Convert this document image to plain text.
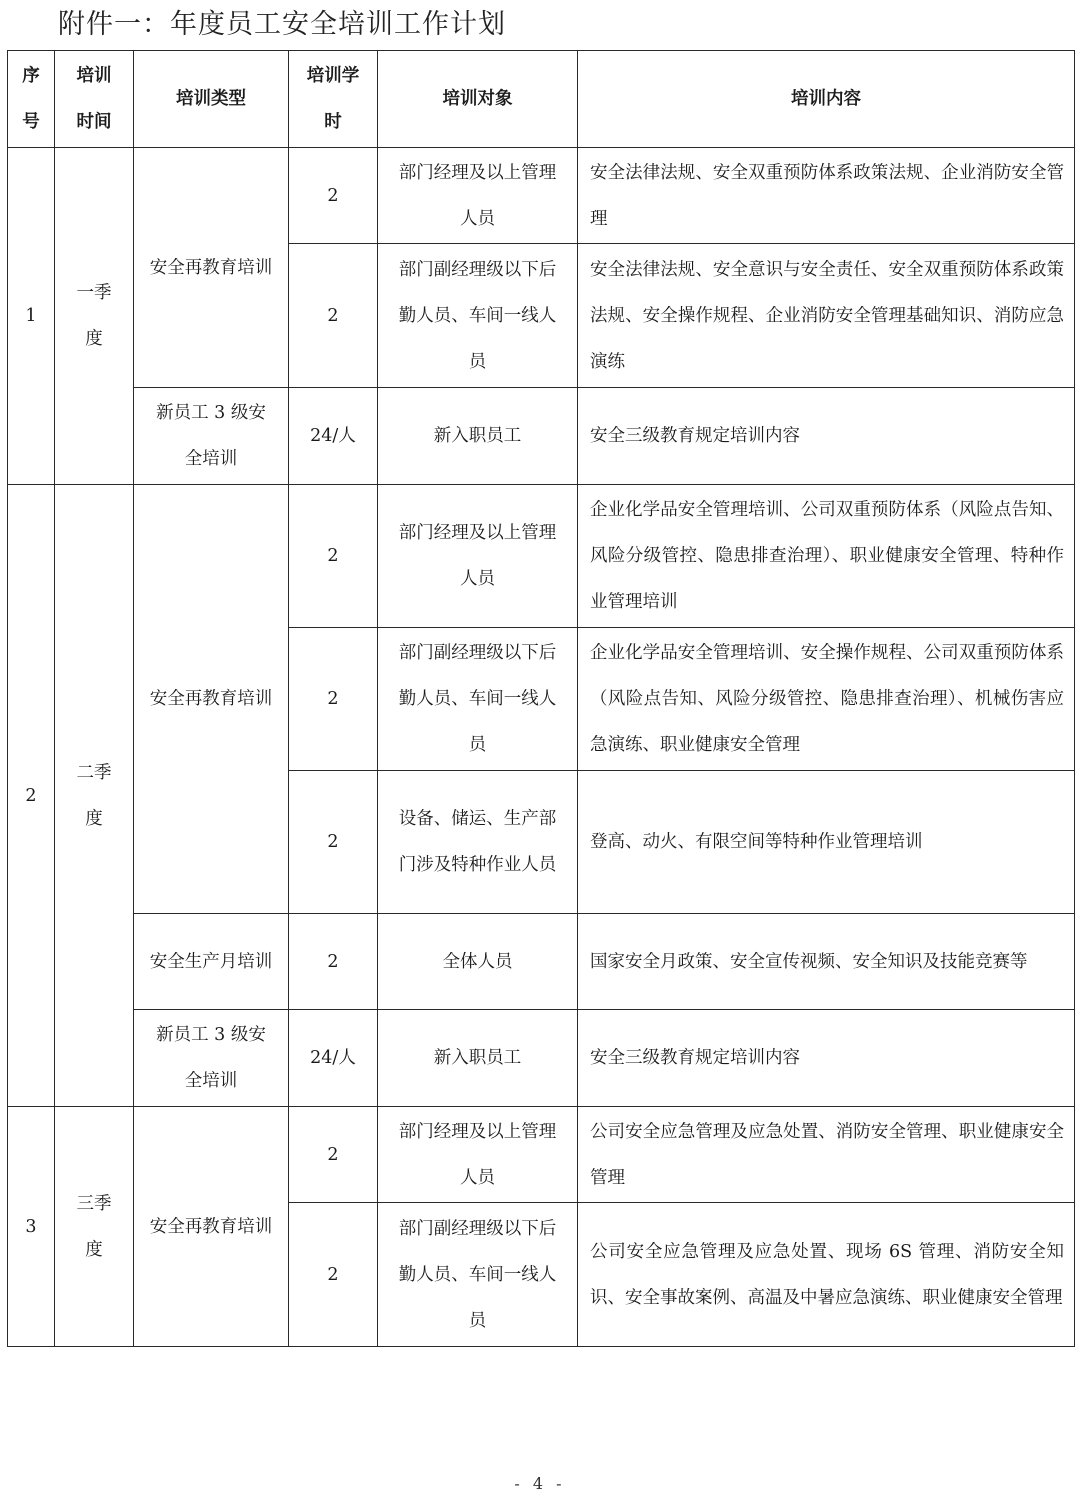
附件一：年度员工安全培训工作计划
序号	培训时间	培训类型	培训学时	培训对象	培训内容
1	一季度	安全再教育培训	2	部门经理及以上管理人员	安全法律法规、安全双重预防体系政策法规、企业消防安全管理
			2	部门副经理级以下后勤人员、车间一线人员	安全法律法规、安全意识与安全责任、安全双重预防体系政策法规、安全操作规程、企业消防安全管理基础知识、消防应急演练
		新员工 3 级安全培训	24/人	新入职员工	安全三级教育规定培训内容
2	二季度	安全再教育培训	2	部门经理及以上管理人员	企业化学品安全管理培训、公司双重预防体系（风险点告知、风险分级管控、隐患排查治理）、职业健康安全管理、特种作业管理培训
			2	部门副经理级以下后勤人员、车间一线人员	企业化学品安全管理培训、安全操作规程、公司双重预防体系（风险点告知、风险分级管控、隐患排查治理）、机械伤害应急演练、职业健康安全管理
			2	设备、储运、生产部门涉及特种作业人员	登高、动火、有限空间等特种作业管理培训
		安全生产月培训	2	全体人员	国家安全月政策、安全宣传视频、安全知识及技能竞赛等
		新员工 3 级安全培训	24/人	新入职员工	安全三级教育规定培训内容
3	三季度	安全再教育培训	2	部门经理及以上管理人员	公司安全应急管理及应急处置、消防安全管理、职业健康安全管理
			2	部门副经理级以下后勤人员、车间一线人员	公司安全应急管理及应急处置、现场 6S 管理、消防安全知识、安全事故案例、高温及中暑应急演练、职业健康安全管理
- 4 -
